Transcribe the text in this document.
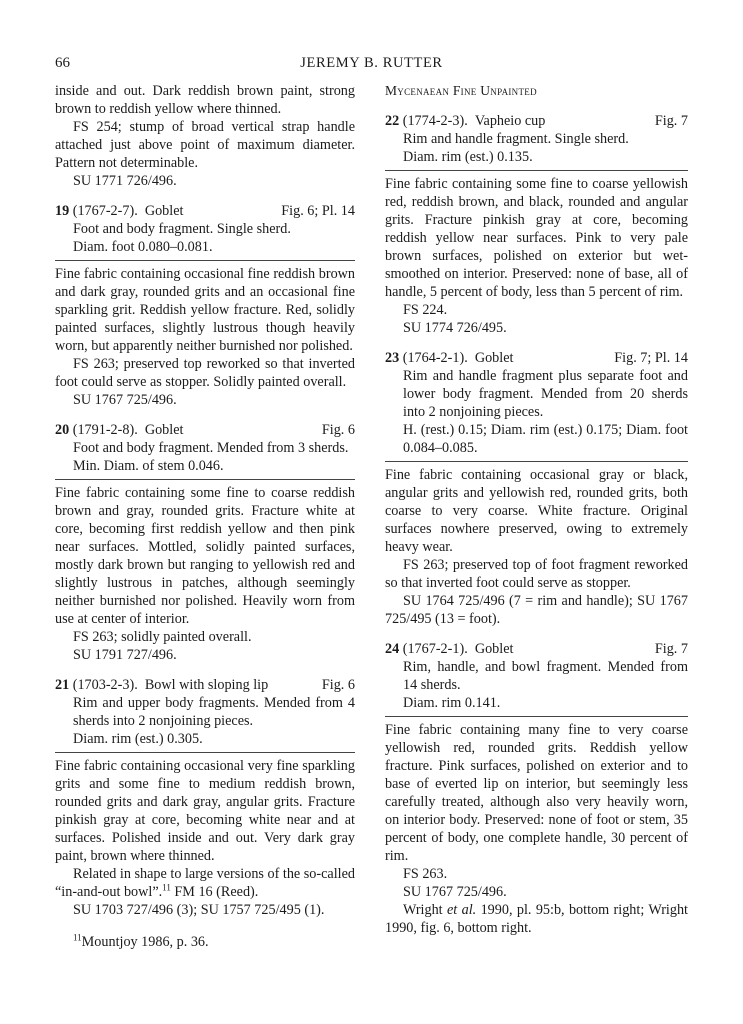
66	JEREMY B. RUTTER

inside and out. Dark reddish brown paint, strong brown to reddish yellow where thinned.

FS 254; stump of broad vertical strap handle attached just above point of maximum diameter. Pattern not determinable.

SU 1771 726/496.

19 (1767-2-7). Goblet	Fig. 6; Pl. 14

Foot and body fragment. Single sherd.

Diam. foot 0.080–0.081.

Fine fabric containing occasional fine reddish brown and dark gray, rounded grits and an occasional fine sparkling grit. Reddish yellow fracture. Red, solidly painted surfaces, slightly lustrous though heavily worn, but apparently neither burnished nor polished.

FS 263; preserved top reworked so that inverted foot could serve as stopper. Solidly painted overall.

SU 1767 725/496.

20 (1791-2-8). Goblet	Fig. 6

Foot and body fragment. Mended from 3 sherds.

Min. Diam. of stem 0.046.

Fine fabric containing some fine to coarse reddish brown and gray, rounded grits. Fracture white at core, becoming first reddish yellow and then pink near surfaces. Mottled, solidly painted surfaces, mostly dark brown but ranging to yellowish red and slightly lustrous in patches, although seemingly neither burnished nor polished. Heavily worn from use at center of interior.

FS 263; solidly painted overall.

SU 1791 727/496.

21 (1703-2-3). Bowl with sloping lip	Fig. 6

Rim and upper body fragments. Mended from 4 sherds into 2 nonjoining pieces.

Diam. rim (est.) 0.305.

Fine fabric containing occasional very fine sparkling grits and some fine to medium reddish brown, rounded grits and dark gray, angular grits. Fracture pinkish gray at core, becoming white near and at surfaces. Polished inside and out. Very dark gray paint, brown where thinned.

Related in shape to large versions of the so-called “in-and-out bowl”.$^{11}$ FM 16 (Reed).

SU 1703 727/496 (3); SU 1757 725/495 (1).

$^{11}$Mountjoy 1986, p. 36.

Mycenaean Fine Unpainted

22 (1774-2-3). Vapheio cup	Fig. 7

Rim and handle fragment. Single sherd.

Diam. rim (est.) 0.135.

Fine fabric containing some fine to coarse yellowish red, reddish brown, and black, rounded and angular grits. Fracture pinkish gray at core, becoming reddish yellow near surfaces. Pink to very pale brown surfaces, polished on exterior but wet-smoothed on interior. Preserved: none of base, all of handle, 5 percent of body, less than 5 percent of rim.

FS 224.

SU 1774 726/495.

23 (1764-2-1). Goblet	Fig. 7; Pl. 14

Rim and handle fragment plus separate foot and lower body fragment. Mended from 20 sherds into 2 nonjoining pieces.

H. (rest.) 0.15; Diam. rim (est.) 0.175; Diam. foot 0.084–0.085.

Fine fabric containing occasional gray or black, angular grits and yellowish red, rounded grits, both coarse to very coarse. White fracture. Original surfaces nowhere preserved, owing to extremely heavy wear.

FS 263; preserved top of foot fragment reworked so that inverted foot could serve as stopper.

SU 1764 725/496 (7 = rim and handle); SU 1767 725/495 (13 = foot).

24 (1767-2-1). Goblet	Fig. 7

Rim, handle, and bowl fragment. Mended from 14 sherds.

Diam. rim 0.141.

Fine fabric containing many fine to very coarse yellowish red, rounded grits. Reddish yellow fracture. Pink surfaces, polished on exterior and to base of everted lip on interior, but seemingly less carefully treated, although also very heavily worn, on interior body. Preserved: none of foot or stem, 35 percent of body, one complete handle, 30 percent of rim.

FS 263.

SU 1767 725/496.

Wright et al. 1990, pl. 95:b, bottom right; Wright 1990, fig. 6, bottom right.
